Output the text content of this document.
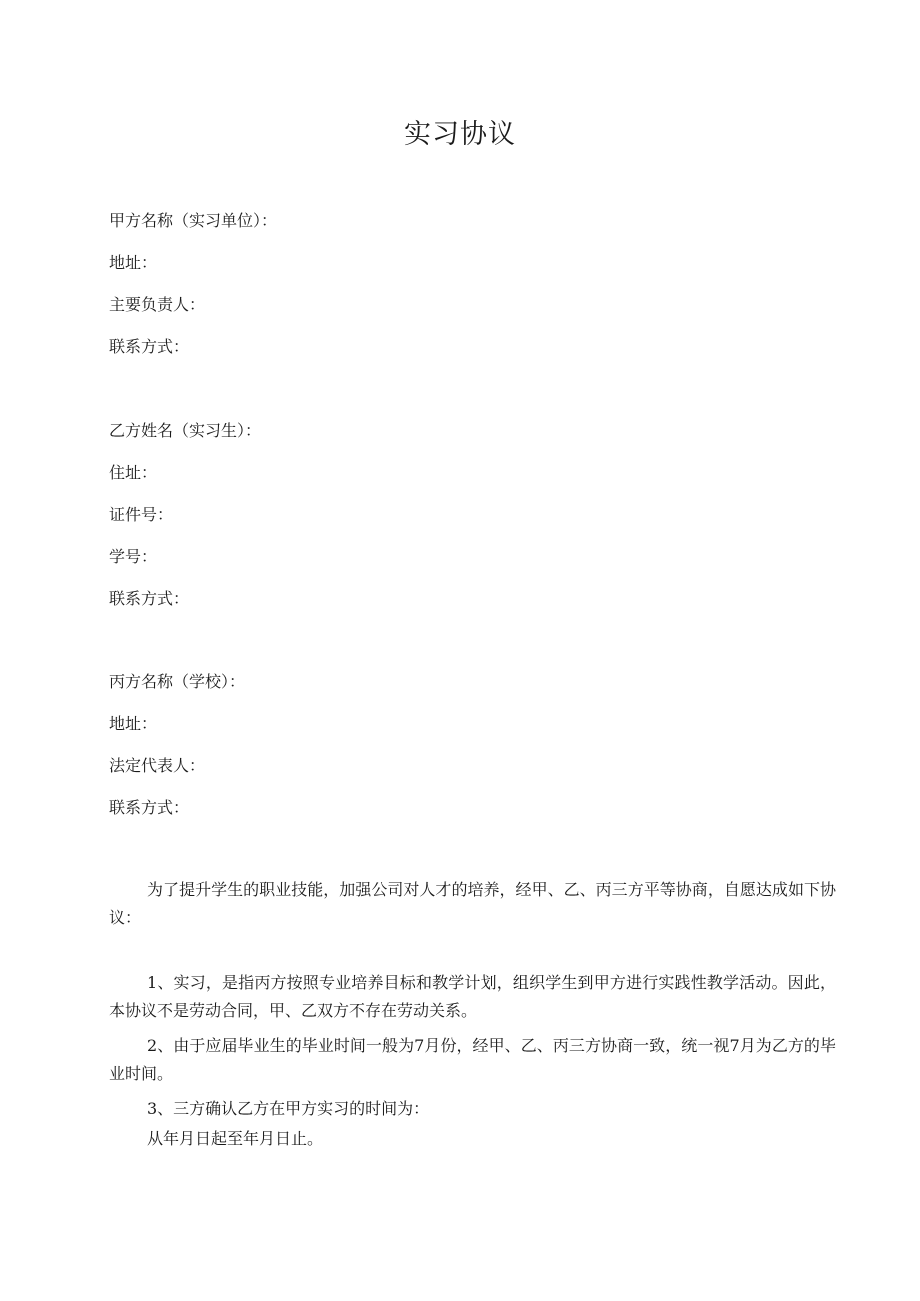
实习协议
甲方名称（实习单位）：
地址：
主要负责人：
联系方式：
乙方姓名（实习生）：
住址：
证件号：
学号：
联系方式：
丙方名称（学校）：
地址：
法定代表人：
联系方式：
为了提升学生的职业技能，加强公司对人才的培养，经甲、乙、丙三方平等协商，自愿达成如下协议：
1、实习，是指丙方按照专业培养目标和教学计划，组织学生到甲方进行实践性教学活动。因此，本协议不是劳动合同，甲、乙双方不存在劳动关系。
2、由于应届毕业生的毕业时间一般为7月份，经甲、乙、丙三方协商一致，统一视7月为乙方的毕业时间。
3、三方确认乙方在甲方实习的时间为：
从年月日起至年月日止。
